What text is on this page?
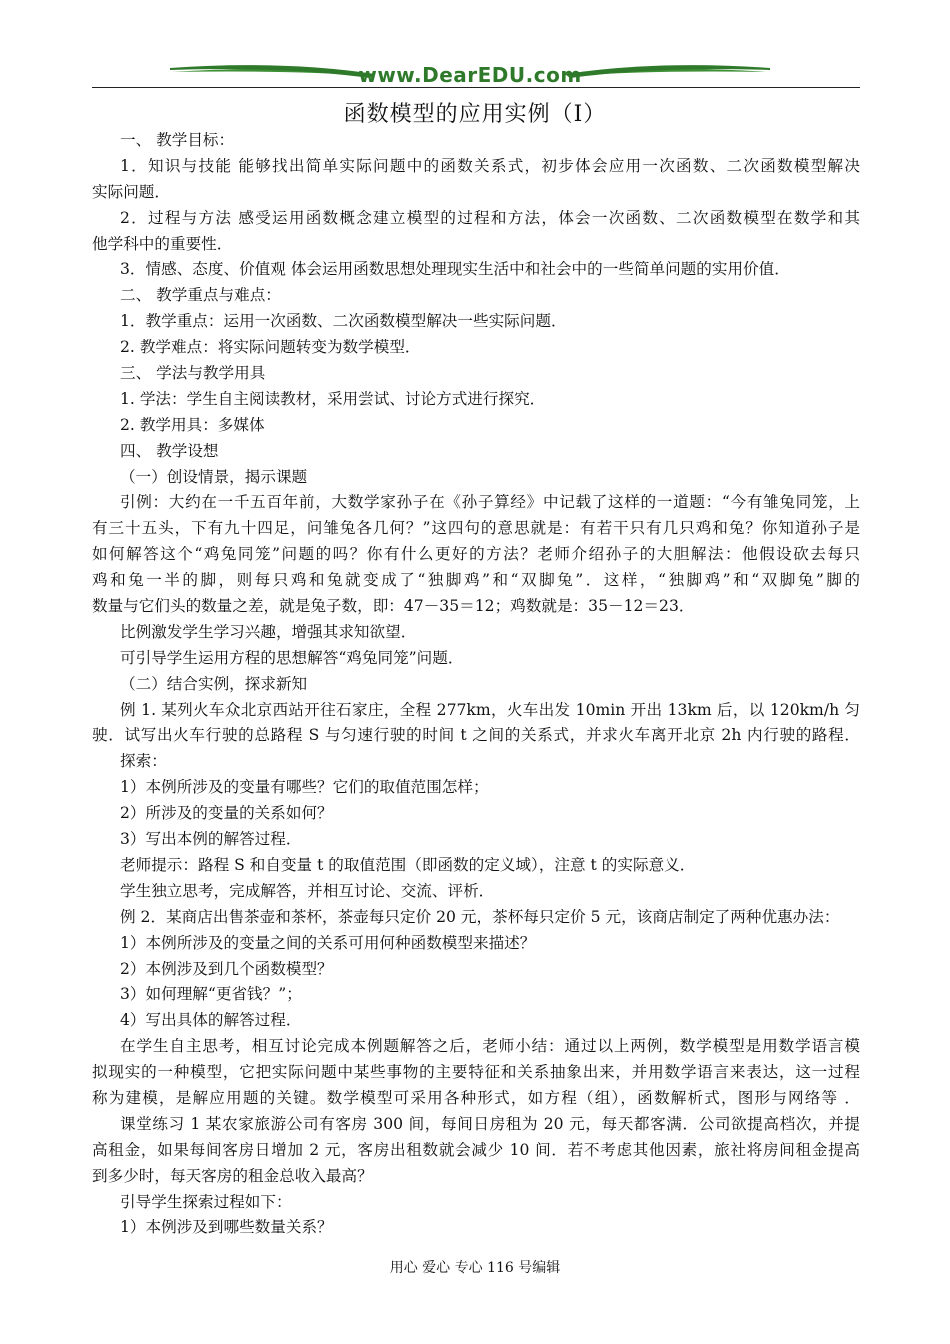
www.DearEDU.com
函数模型的应用实例（Ⅰ）
一、 教学目标：
1．知识与技能 能够找出简单实际问题中的函数关系式，初步体会应用一次函数、二次函数模型解决
实际问题．
2．过程与方法 感受运用函数概念建立模型的过程和方法，体会一次函数、二次函数模型在数学和其
他学科中的重要性．
3．情感、态度、价值观 体会运用函数思想处理现实生活中和社会中的一些简单问题的实用价值．
二、 教学重点与难点：
1．教学重点：运用一次函数、二次函数模型解决一些实际问题．
2. 教学难点：将实际问题转变为数学模型．
三、 学法与教学用具
1. 学法：学生自主阅读教材，采用尝试、讨论方式进行探究．
2. 教学用具：多媒体
四、 教学设想
（一）创设情景，揭示课题
引例：大约在一千五百年前，大数学家孙子在《孙子算经》中记载了这样的一道题：“今有雏兔同笼，上
有三十五头，下有九十四足，问雏兔各几何？”这四句的意思就是：有若干只有几只鸡和兔？你知道孙子是
如何解答这个“鸡兔同笼”问题的吗？你有什么更好的方法？老师介绍孙子的大胆解法：他假设砍去每只
鸡和兔一半的脚，则每只鸡和兔就变成了“独脚鸡”和“双脚兔”．这样，“独脚鸡”和“双脚兔”脚的
数量与它们头的数量之差，就是兔子数，即：47－35＝12；鸡数就是：35－12＝23．
比例激发学生学习兴趣，增强其求知欲望．
可引导学生运用方程的思想解答“鸡兔同笼”问题．
（二）结合实例，探求新知
例 1. 某列火车众北京西站开往石家庄，全程 277km，火车出发 10min 开出 13km 后，以 120km/h 匀
驶．试写出火车行驶的总路程 S 与匀速行驶的时间 t 之间的关系式，并求火车离开北京 2h 内行驶的路程．
探索：
1）本例所涉及的变量有哪些？它们的取值范围怎样；
2）所涉及的变量的关系如何？
3）写出本例的解答过程．
老师提示：路程 S 和自变量 t 的取值范围（即函数的定义域），注意 t 的实际意义．
学生独立思考，完成解答，并相互讨论、交流、评析．
例 2．某商店出售茶壶和茶杯，茶壶每只定价 20 元，茶杯每只定价 5 元，该商店制定了两种优惠办法：
1）本例所涉及的变量之间的关系可用何种函数模型来描述？
2）本例涉及到几个函数模型？
3）如何理解“更省钱？”；
4）写出具体的解答过程．
在学生自主思考，相互讨论完成本例题解答之后，老师小结：通过以上两例，数学模型是用数学语言模
拟现实的一种模型，它把实际问题中某些事物的主要特征和关系抽象出来，并用数学语言来表达，这一过程
称为建模，是解应用题的关键。数学模型可采用各种形式，如方程（组），函数解析式，图形与网络等 ．
课堂练习 1 某农家旅游公司有客房 300 间，每间日房租为 20 元，每天都客满．公司欲提高档次，并提
高租金，如果每间客房日增加 2 元，客房出租数就会减少 10 间．若不考虑其他因素，旅社将房间租金提高
到多少时，每天客房的租金总收入最高？
引导学生探索过程如下：
1）本例涉及到哪些数量关系？
用心 爱心 专心 116 号编辑
